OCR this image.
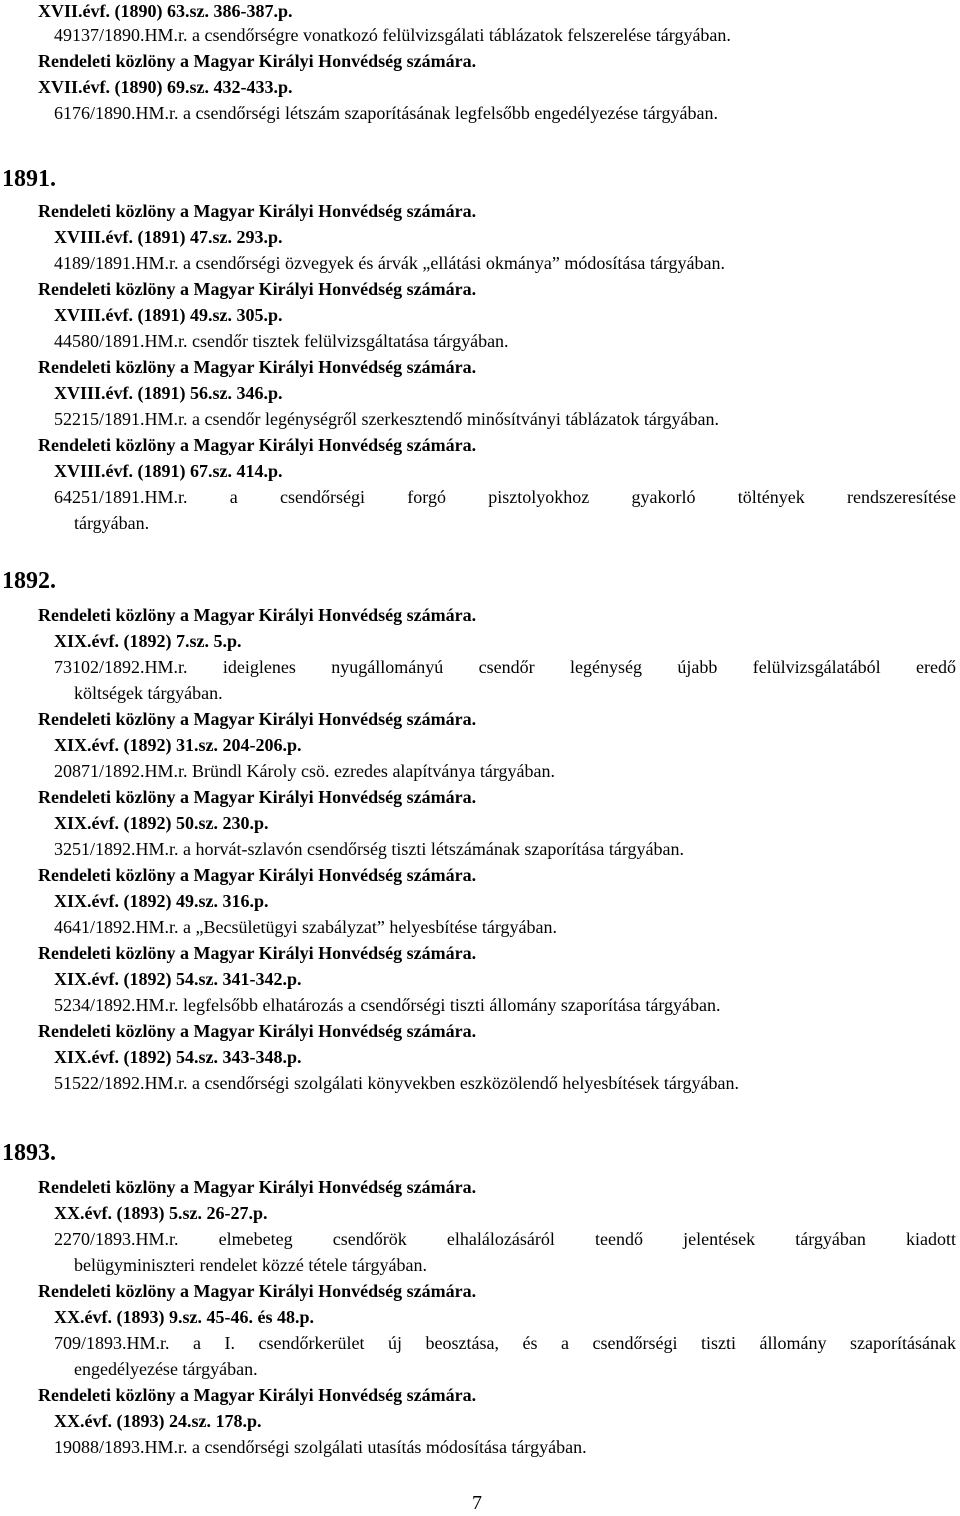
XVII.évf. (1890) 63.sz. 386-387.p.
49137/1890.HM.r. a csendőrségre vonatkozó felülvizsgálati táblázatok felszerelése tárgyában.
Rendeleti közlöny a Magyar Királyi Honvédség számára.
XVII.évf. (1890) 69.sz. 432-433.p.
6176/1890.HM.r. a csendőrségi létszám szaporításának legfelsőbb engedélyezése tárgyában.
1891.
Rendeleti közlöny a Magyar Királyi Honvédség számára.
XVIII.évf. (1891) 47.sz. 293.p.
4189/1891.HM.r. a csendőrségi özvegyek és árvák „ellátási okmánya” módosítása tárgyában.
Rendeleti közlöny a Magyar Királyi Honvédség számára.
XVIII.évf. (1891) 49.sz. 305.p.
44580/1891.HM.r. csendőr tisztek felülvizsgáltatása tárgyában.
Rendeleti közlöny a Magyar Királyi Honvédség számára.
XVIII.évf. (1891) 56.sz. 346.p.
52215/1891.HM.r. a csendőr legénységről szerkesztendő minősítványi táblázatok tárgyában.
Rendeleti közlöny a Magyar Királyi Honvédség számára.
XVIII.évf. (1891) 67.sz. 414.p.
64251/1891.HM.r. a csendőrségi forgó pisztolyokhoz gyakorló töltények rendszeresítése
tárgyában.
1892.
Rendeleti közlöny a Magyar Királyi Honvédség számára.
XIX.évf. (1892) 7.sz. 5.p.
73102/1892.HM.r. ideiglenes nyugállományú csendőr legénység újabb felülvizsgálatából eredő
költségek tárgyában.
Rendeleti közlöny a Magyar Királyi Honvédség számára.
XIX.évf. (1892) 31.sz. 204-206.p.
20871/1892.HM.r. Bründl Károly csö. ezredes alapítványa tárgyában.
Rendeleti közlöny a Magyar Királyi Honvédség számára.
XIX.évf. (1892) 50.sz. 230.p.
3251/1892.HM.r. a horvát-szlavón csendőrség tiszti létszámának szaporítása tárgyában.
Rendeleti közlöny a Magyar Királyi Honvédség számára.
XIX.évf. (1892) 49.sz. 316.p.
4641/1892.HM.r. a „Becsületügyi szabályzat” helyesbítése tárgyában.
Rendeleti közlöny a Magyar Királyi Honvédség számára.
XIX.évf. (1892) 54.sz. 341-342.p.
5234/1892.HM.r. legfelsőbb elhatározás a csendőrségi tiszti állomány szaporítása tárgyában.
Rendeleti közlöny a Magyar Királyi Honvédség számára.
XIX.évf. (1892) 54.sz. 343-348.p.
51522/1892.HM.r. a csendőrségi szolgálati könyvekben eszközölendő helyesbítések tárgyában.
1893.
Rendeleti közlöny a Magyar Királyi Honvédség számára.
XX.évf. (1893) 5.sz. 26-27.p.
2270/1893.HM.r. elmebeteg csendőrök elhalálozásáról teendő jelentések tárgyában kiadott
belügyminiszteri rendelet közzé tétele tárgyában.
Rendeleti közlöny a Magyar Királyi Honvédség számára.
XX.évf. (1893) 9.sz. 45-46. és 48.p.
709/1893.HM.r. a I. csendőrkerület új beosztása, és a csendőrségi tiszti állomány szaporításának
engedélyezése tárgyában.
Rendeleti közlöny a Magyar Királyi Honvédség számára.
XX.évf. (1893) 24.sz. 178.p.
19088/1893.HM.r. a csendőrségi szolgálati utasítás módosítása tárgyában.
7
